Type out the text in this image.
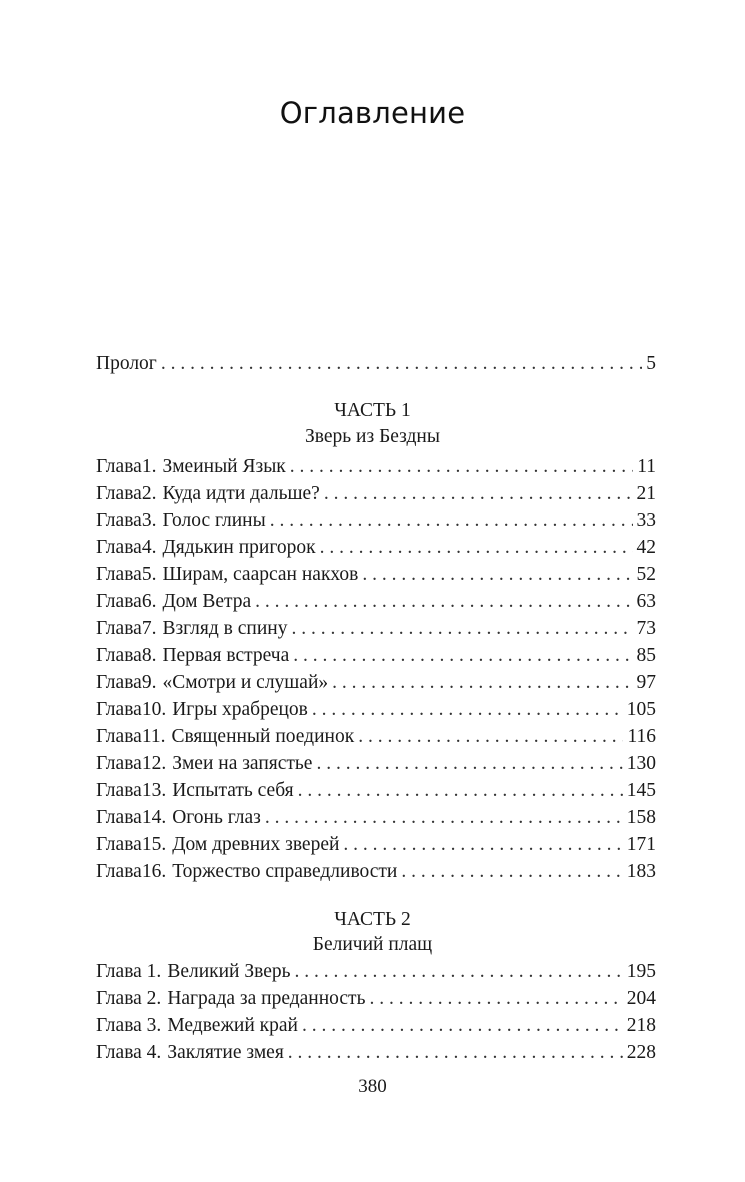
Оглавление
Пролог . . .	5
ЧАСТЬ 1
Зверь из Бездны
Глава 1. Змеиный Язык . . .	11
Глава 2. Куда идти дальше? . . .	21
Глава 3. Голос глины . . .	33
Глава 4. Дядькин пригорок . . .	42
Глава 5. Ширам, саарсан накхов . . .	52
Глава 6. Дом Ветра . . .	63
Глава 7. Взгляд в спину . . .	73
Глава 8. Первая встреча . . .	85
Глава 9. «Смотри и слушай» . . .	97
Глава 10. Игры храбрецов . . .	105
Глава 11. Священный поединок . . .	116
Глава 12. Змеи на запястье . . .	130
Глава 13. Испытать себя . . .	145
Глава 14. Огонь глаз . . .	158
Глава 15. Дом древних зверей . . .	171
Глава 16. Торжество справедливости . . .	183
ЧАСТЬ 2
Беличий плащ
Глава 1. Великий Зверь . . .	195
Глава 2. Награда за преданность . . .	204
Глава 3. Медвежий край . . .	218
Глава 4. Заклятие змея . . .	228
380
